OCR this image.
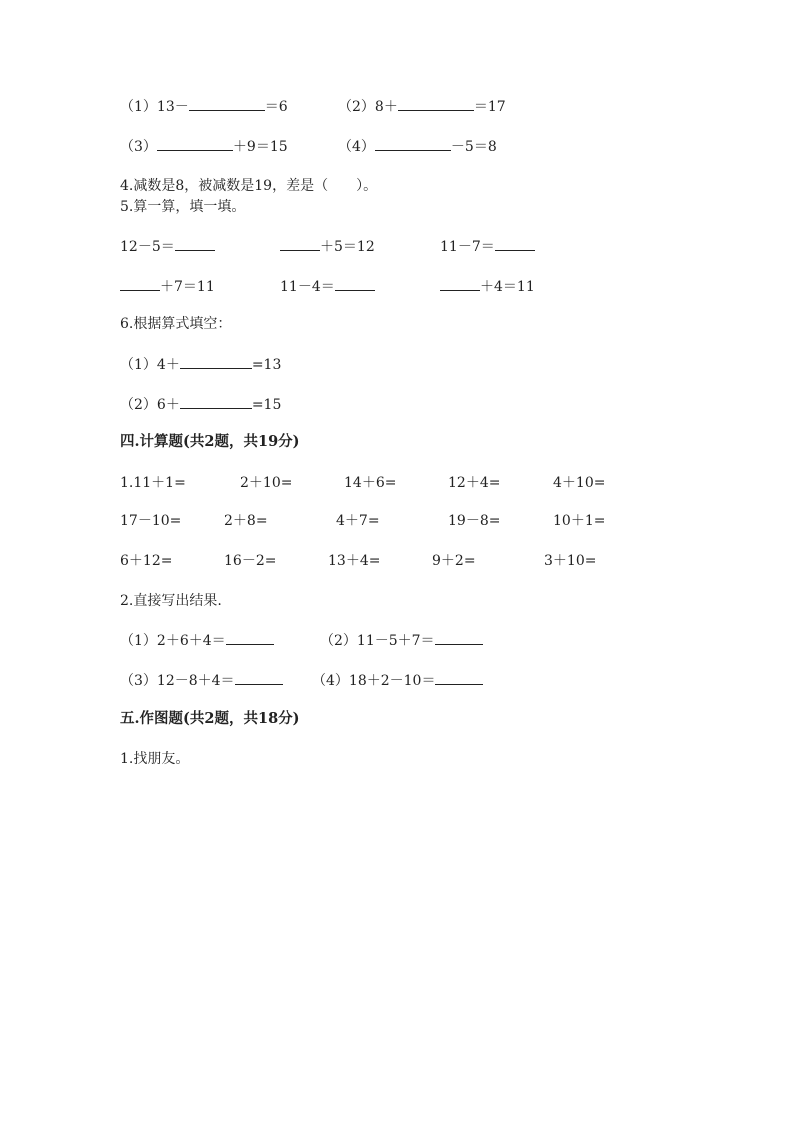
（1）13－	＝6	（2）8＋	＝17
（3）	＋9＝15	（4）	－5＝8
4.减数是8，被减数是19，差是（　　）。
5.算一算，填一填。
12－5＝	＋5＝12	11－7＝
＋7＝11	11－4＝	＋4＝11
6.根据算式填空：
（1）4＋	=13
（2）6＋	=15
四.计算题(共2题，共19分)
1.11＋1=	2＋10=	14＋6=	12＋4=	4＋10=
17－10=	2＋8=	4＋7=	19－8=	10＋1=
6＋12=	16－2=	13＋4=	9＋2=	3＋10=
2.直接写出结果.
（1）2＋6＋4＝	（2）11－5＋7＝
（3）12－8＋4＝	（4）18＋2－10＝
五.作图题(共2题，共18分)
1.找朋友。
